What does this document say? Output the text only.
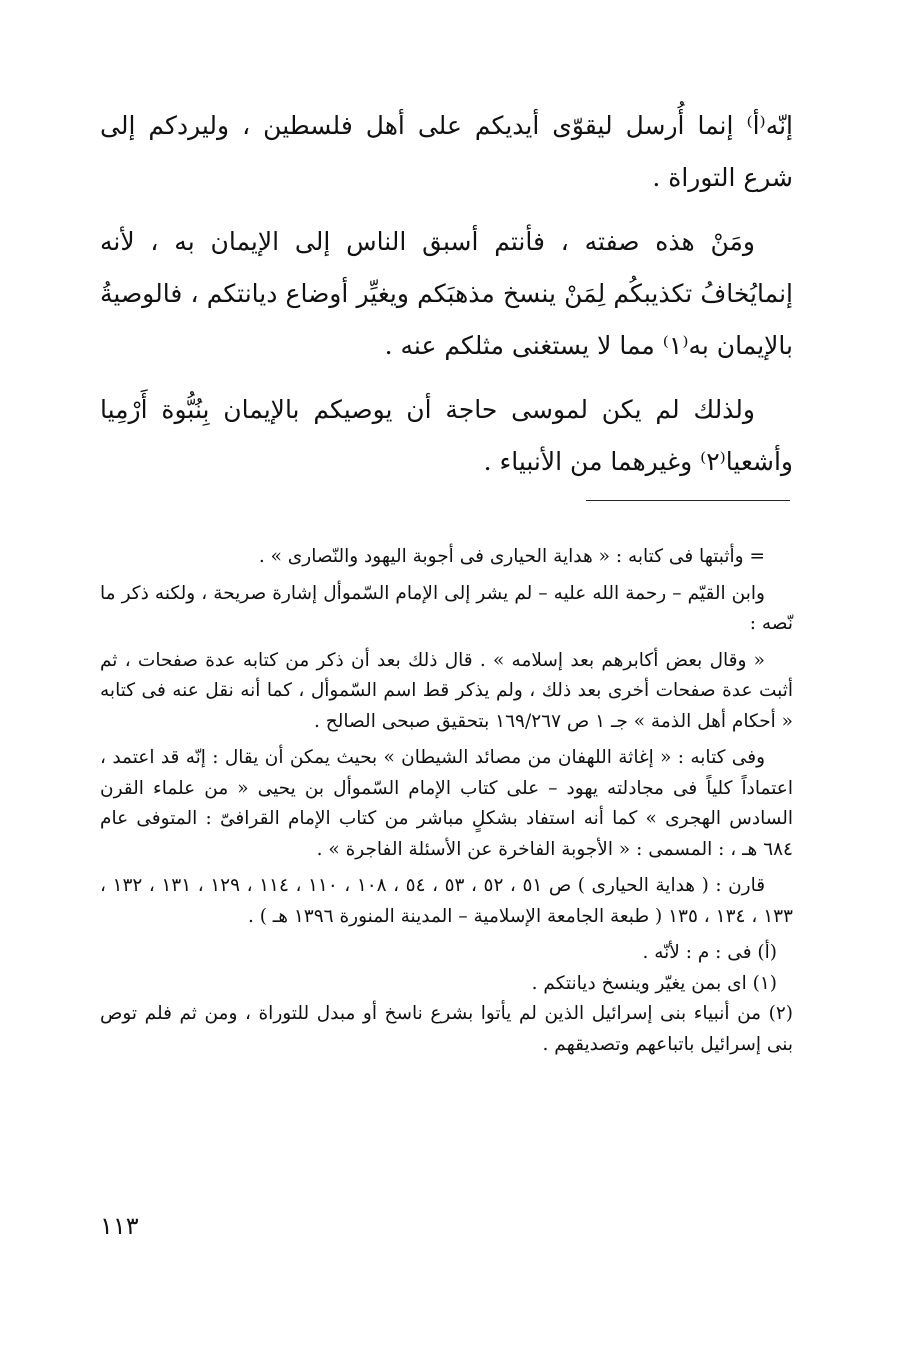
إنّه⁽أ⁾ إنما أُرسل ليقوّى أيديكم على أهل فلسطين ، وليردكم إلى شرع التوراة .

ومَنْ هذه صفته ، فأنتم أسبق الناس إلى الإيمان به ، لأنه إنمايُخافُ تكذيبكُم لِمَنْ ينسخ مذهبَكم ويغيِّر أوضاع ديانتكم ، فالوصيةُ بالإيمان به⁽١⁾ مما لا يستغنى مثلكم عنه .

ولذلك لم يكن لموسى حاجة أن يوصيكم بالإيمان بِنُبُّوة أَرْمِيا وأشعيا⁽٢⁾ وغيرهما من الأنبياء .

= وأثبتها فى كتابه : « هداية الحيارى فى أجوبة اليهود والنّصارى » .

وابن القيّم – رحمة الله عليه – لم يشر إلى الإمام السّموأل إشارة صريحة ، ولكنه ذكر ما نّصه :

« وقال بعض أكابرهم بعد إسلامه » . قال ذلك بعد أن ذكر من كتابه عدة صفحات ، ثم أثبت عدة صفحات أخرى بعد ذلك ، ولم يذكر قط اسم السّموأل ، كما أنه نقل عنه فى كتابه « أحكام أهل الذمة » جـ ١ ص ١٦٩/٢٦٧ بتحقيق صبحى الصالح .

وفى كتابه : « إغاثة اللهفان من مصائد الشيطان » بحيث يمكن أن يقال : إنّه قد اعتمد ، اعتماداً كلياً فى مجادلته يهود – على كتاب الإمام السّموأل بن يحيى « من علماء القرن السادس الهجرى » كما أنه استفاد بشكلٍ مباشر من كتاب الإمام القرافىّ : المتوفى عام ٦٨٤ هـ ، : المسمى : « الأجوبة الفاخرة عن الأسئلة الفاجرة » .

قارن : ( هداية الحيارى ) ص ٥١ ، ٥٢ ، ٥٣ ، ٥٤ ، ١٠٨ ، ١١٠ ، ١١٤ ، ١٢٩ ، ١٣١ ، ١٣٢ ، ١٣٣ ، ١٣٤ ، ١٣٥ ( طبعة الجامعة الإسلامية – المدينة المنورة ١٣٩٦ هـ ) .

(أ) فى : م : لأنّه .

(١) اى بمن يغيّر وينسخ ديانتكم .

(٢) من أنبياء بنى إسرائيل الذين لم يأتوا بشرع ناسخ أو مبدل للتوراة ، ومن ثم فلم توص بنى إسرائيل باتباعهم وتصديقهم .

١١٣
